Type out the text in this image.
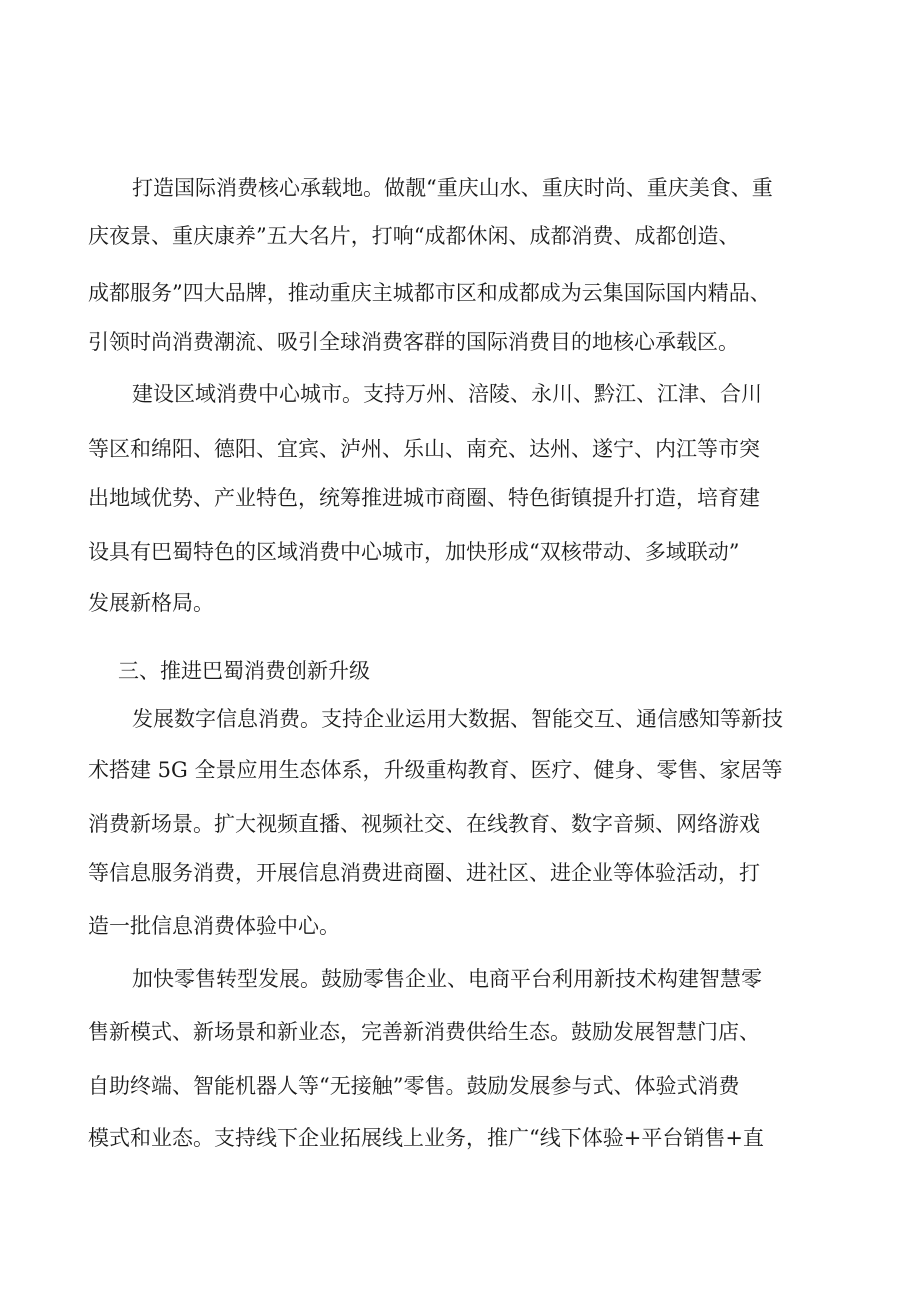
打造国际消费核心承载地。做靓“重庆山水、重庆时尚、重庆美食、重

庆夜景、重庆康养”五大名片，打响“成都休闲、成都消费、成都创造、

成都服务”四大品牌，推动重庆主城都市区和成都成为云集国际国内精品、

引领时尚消费潮流、吸引全球消费客群的国际消费目的地核心承载区。

建设区域消费中心城市。支持万州、涪陵、永川、黔江、江津、合川

等区和绵阳、德阳、宜宾、泸州、乐山、南充、达州、遂宁、内江等市突

出地域优势、产业特色，统筹推进城市商圈、特色街镇提升打造，培育建

设具有巴蜀特色的区域消费中心城市，加快形成“双核带动、多域联动”

发展新格局。

三、推进巴蜀消费创新升级

发展数字信息消费。支持企业运用大数据、智能交互、通信感知等新技

术搭建 5G 全景应用生态体系，升级重构教育、医疗、健身、零售、家居等

消费新场景。扩大视频直播、视频社交、在线教育、数字音频、网络游戏

等信息服务消费，开展信息消费进商圈、进社区、进企业等体验活动，打

造一批信息消费体验中心。

加快零售转型发展。鼓励零售企业、电商平台利用新技术构建智慧零

售新模式、新场景和新业态，完善新消费供给生态。鼓励发展智慧门店、

自助终端、智能机器人等“无接触”零售。鼓励发展参与式、体验式消费

模式和业态。支持线下企业拓展线上业务，推广“线下体验+平台销售+直
